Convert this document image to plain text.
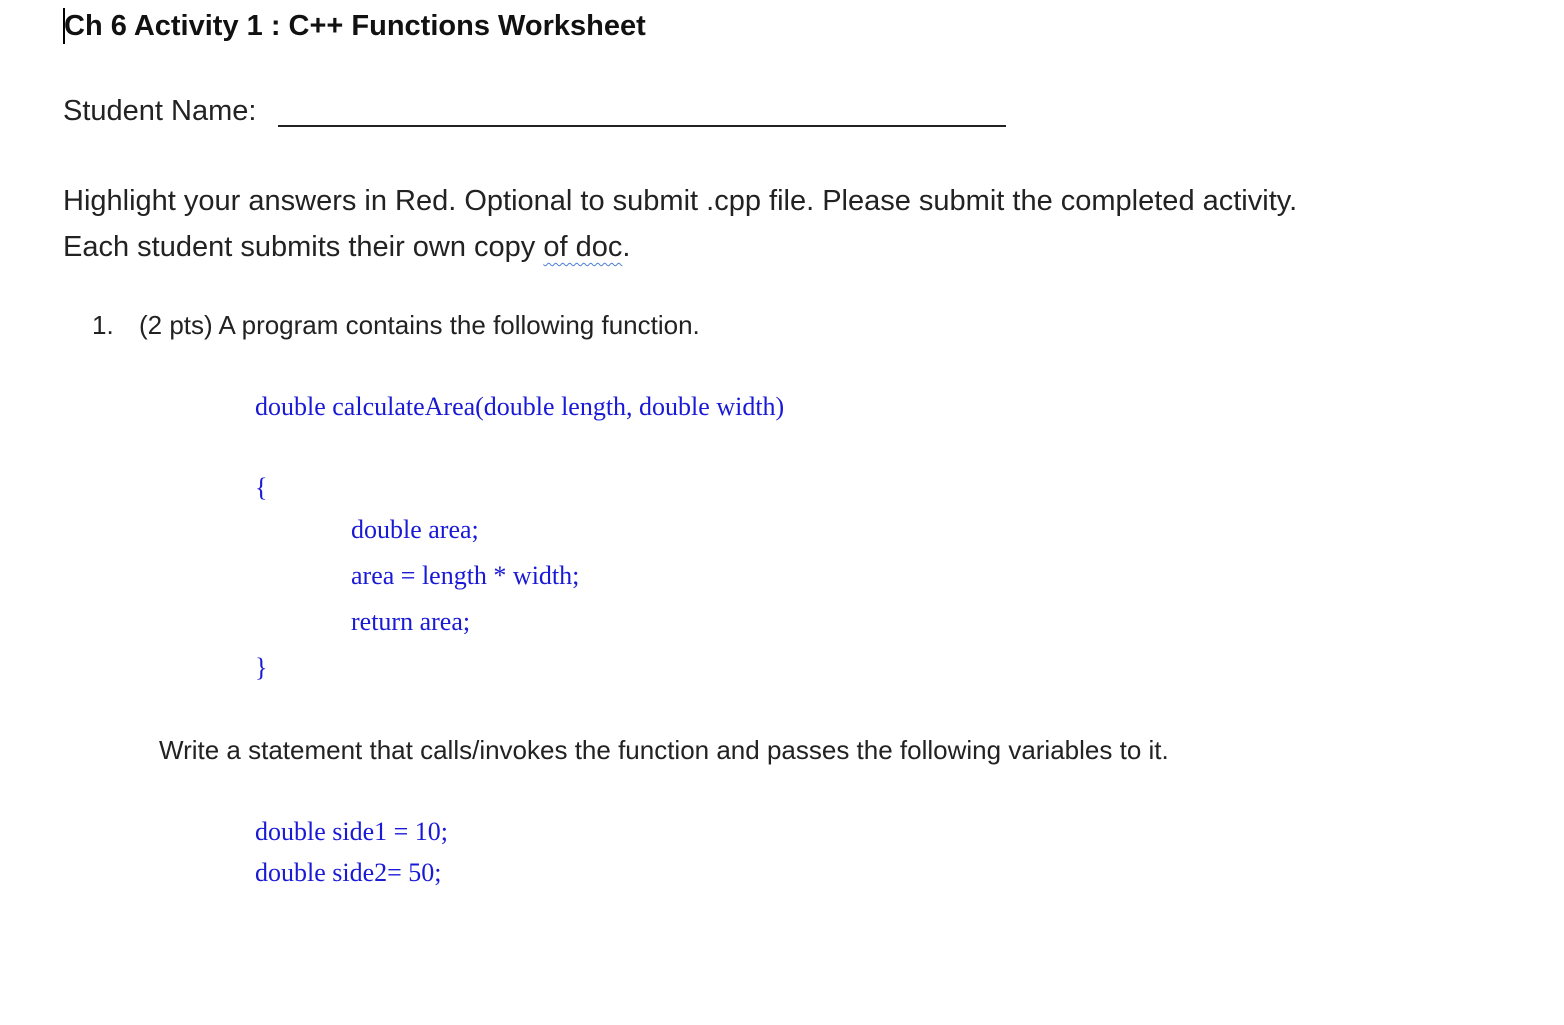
Ch 6 Activity 1 : C++ Functions Worksheet
Student Name:
Highlight your answers in Red. Optional to submit .cpp file. Please submit the completed activity. Each student submits their own copy of doc.
1. (2 pts) A program contains the following function.
double calculateArea(double length, double width)
{
double area;
area = length * width;
return area;
}
Write a statement that calls/invokes the function and passes the following variables to it.
double side1 = 10;
double side2= 50;
